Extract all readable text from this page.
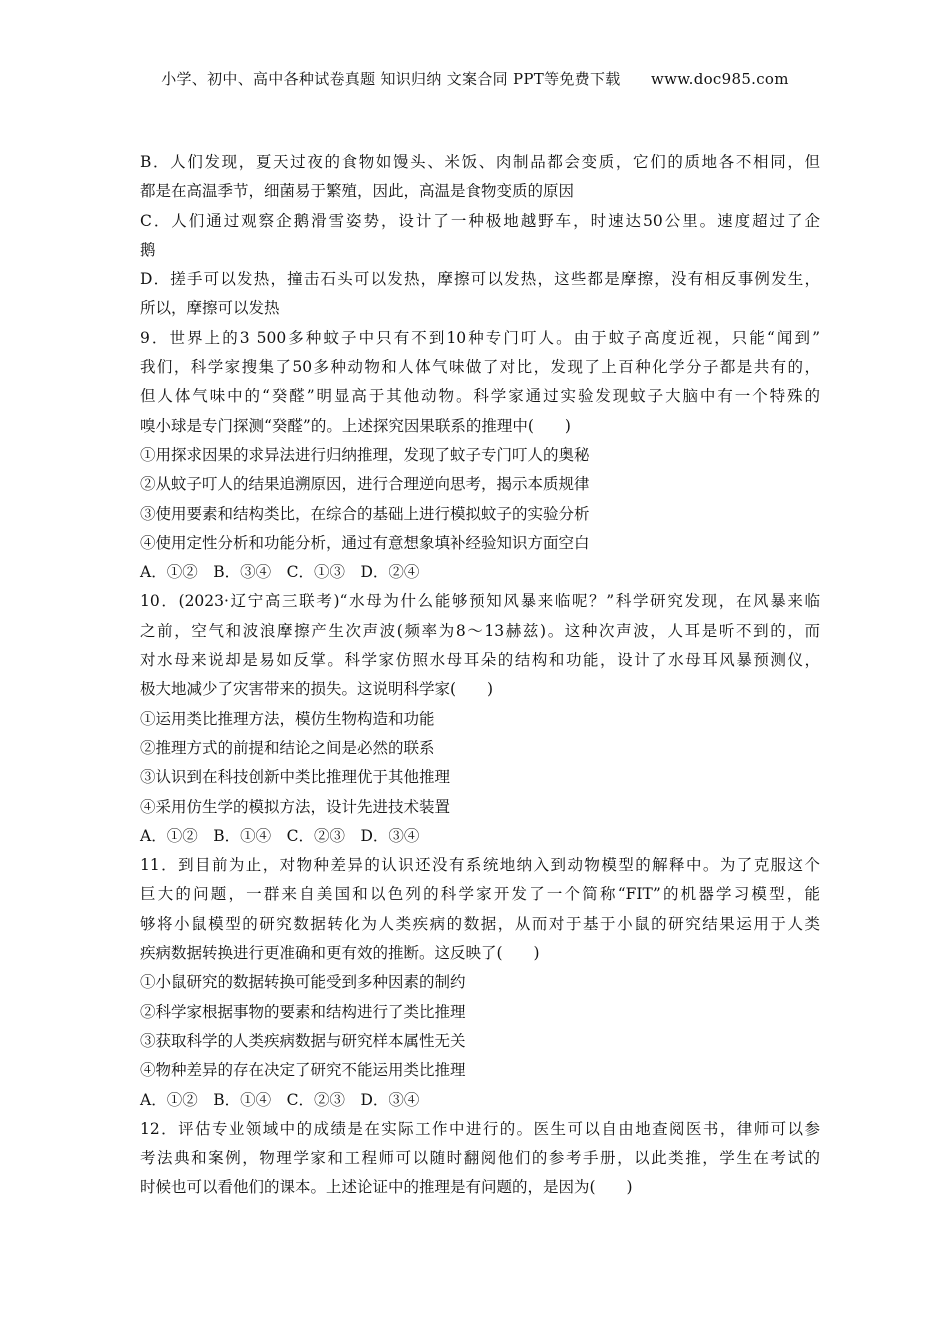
小学、初中、高中各种试卷真题 知识归纳 文案合同 PPT等免费下载      www.doc985.com
B．人们发现，夏天过夜的食物如馒头、米饭、肉制品都会变质，它们的质地各不相同，但
都是在高温季节，细菌易于繁殖，因此，高温是食物变质的原因
C．人们通过观察企鹅滑雪姿势，设计了一种极地越野车，时速达50公里。速度超过了企
鹅
D．搓手可以发热，撞击石头可以发热，摩擦可以发热，这些都是摩擦，没有相反事例发生，
所以，摩擦可以发热
9．世界上的3 500多种蚊子中只有不到10种专门叮人。由于蚊子高度近视，只能“闻到”
我们，科学家搜集了50多种动物和人体气味做了对比，发现了上百种化学分子都是共有的，
但人体气味中的“癸醛”明显高于其他动物。科学家通过实验发现蚊子大脑中有一个特殊的
嗅小球是专门探测“癸醛”的。上述探究因果联系的推理中(　　)
①用探求因果的求异法进行归纳推理，发现了蚊子专门叮人的奥秘
②从蚊子叮人的结果追溯原因，进行合理逆向思考，揭示本质规律
③使用要素和结构类比，在综合的基础上进行模拟蚊子的实验分析
④使用定性分析和功能分析，通过有意想象填补经验知识方面空白
A．①②　B．③④　C．①③　D．②④
10．(2023·辽宁高三联考)“水母为什么能够预知风暴来临呢？”科学研究发现，在风暴来临
之前，空气和波浪摩擦产生次声波(频率为8～13赫兹)。这种次声波，人耳是听不到的，而
对水母来说却是易如反掌。科学家仿照水母耳朵的结构和功能，设计了水母耳风暴预测仪，
极大地减少了灾害带来的损失。这说明科学家(　　)
①运用类比推理方法，模仿生物构造和功能
②推理方式的前提和结论之间是必然的联系
③认识到在科技创新中类比推理优于其他推理
④采用仿生学的模拟方法，设计先进技术装置
A．①②　B．①④　C．②③　D．③④
11．到目前为止，对物种差异的认识还没有系统地纳入到动物模型的解释中。为了克服这个
巨大的问题，一群来自美国和以色列的科学家开发了一个简称“FIT”的机器学习模型，能
够将小鼠模型的研究数据转化为人类疾病的数据，从而对于基于小鼠的研究结果运用于人类
疾病数据转换进行更准确和更有效的推断。这反映了(　　)
①小鼠研究的数据转换可能受到多种因素的制约
②科学家根据事物的要素和结构进行了类比推理
③获取科学的人类疾病数据与研究样本属性无关
④物种差异的存在决定了研究不能运用类比推理
A．①②　B．①④　C．②③　D．③④
12．评估专业领域中的成绩是在实际工作中进行的。医生可以自由地查阅医书，律师可以参
考法典和案例，物理学家和工程师可以随时翻阅他们的参考手册，以此类推，学生在考试的
时候也可以看他们的课本。上述论证中的推理是有问题的，是因为(　　)
